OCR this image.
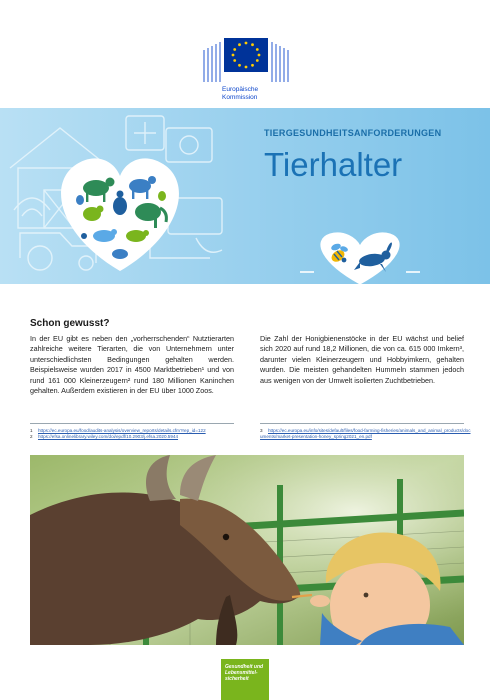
Europäische
Kommission
TIERGESUNDHEITSANFORDERUNGEN
Tierhalter
Schon gewusst?
In der EU gibt es neben den „vorherrschenden“ Nutztierarten zahlreiche weitere Tierarten, die von Unternehmern unter unterschiedlichsten Bedingungen gehalten werden. Beispielsweise wurden 2017 in 4500 Marktbetrieben¹ und von rund 161 000 Kleinerzeugern² rund 180 Millionen Kaninchen gehalten. Außerdem existieren in der EU über 1000 Zoos.
Die Zahl der Honigbienenstöcke in der EU wächst und belief sich 2020 auf rund 18,2 Millionen, die von ca. 615 000 Imkern³, darunter vielen Kleinerzeugern und Hobbyimkern, gehalten wurden. Die meisten gehandelten Hummeln stammen jedoch aus wenigen von der Umwelt isolierten Zuchtbetrieben.
1 https://ec.europa.eu/food/audits-analysis/overview_reports/details.cfm?rep_id=122
2 https://efsa.onlinelibrary.wiley.com/doi/epdf/10.2903/j.efsa.2020.5944
3 https://ec.europa.eu/info/sites/default/files/food-farming-fisheries/animals_and_animal_products/documents/market-presentation-honey_spring2021_en.pdf
Gesundheit und
Lebensmittel-
sicherheit
